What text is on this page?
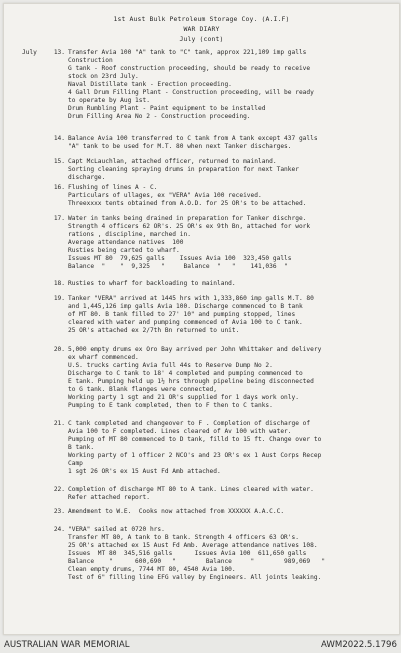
1st Aust Bulk Petroleum Storage Coy. (A.I.F)
WAR DIARY
July (cont)
July	13. Transfer Avia 100 "A" tank to "C" tank, approx 221,109 imp galls
Construction
G tank - Roof construction proceeding, should be ready to receive
stock on 23rd July.
Naval Distillate tank - Erection proceeding.
4 Gall Drum Filling Plant - Construction proceeding, will be ready
to operate by Aug 1st.
Drum Rumbling Plant - Paint equipment to be installed
Drum Filling Area No 2 - Construction proceeding.
14. Balance Avia 100 transferred to C tank from A tank except 437 galls
"A" tank to be used for M.T. 80 when next Tanker discharges.
15. Capt McLauchlan, attached officer, returned to mainland.
Sorting cleaning spraying drums in preparation for next Tanker
discharge.
16. Flushing of lines A - C.
Particulars of ullages, ex "VERA" Avia 100 received.
Threexxxx tents obtained from A.O.D. for 25 OR's to be attached.
17. Water in tanks being drained in preparation for Tanker dischrge.
Strength 4 officers 62 OR's. 25 OR's ex 9th Bn, attached for work
rations , discipline, marched in.
Average attendance natives  100
Rusties being carted to wharf.
Issues MT 80  79,625 galls    Issues Avia 100  323,450 galls
Balance  "    "  9,325   "     Balance  "   "    141,036  "
18. Rusties to wharf for backloading to mainland.
19. Tanker "VERA" arrived at 1445 hrs with 1,333,860 imp galls M.T. 80
and 1,445,126 imp galls Avia 100. Discharge commenced to B tank
of MT 80. B tank filled to 27' 10" and pumping stopped, lines
cleared with water and pumping commenced of Avia 100 to C tank.
25 OR's attached ex 2/7th Bn returned to unit.
20. 5,000 empty drums ex Oro Bay arrived per John Whittaker and delivery
ex wharf commenced.
U.S. trucks carting Avia full 44s to Reserve Dump No 2.
Discharge to C tank to 18' 4 completed and pumping commenced to
E tank. Pumping held up 1½ hrs through pipeline being disconnected
to G tank. Blank flanges were connected,
Working party 1 sgt and 21 OR's supplied for 1 days work only.
Pumping to E tank completed, then to F then to C tanks.
21. C tank completed and changeover to F . Completion of discharge of
Avia 100 to F completed. Lines cleared of Av 100 with water.
Pumping of MT 80 commenced to D tank, filld to 15 ft. Change over to
B tank.
Working party of 1 officer 2 NCO's and 23 OR's ex 1 Aust Corps Recep
Camp
1 sgt 26 OR's ex 15 Aust Fd Amb attached.
22. Completion of discharge MT 80 to A tank. Lines cleared with water.
Refer attached report.
23. Amendment to W.E.  Cooks now attached from XXXXXX A.A.C.C.
24. "VERA" sailed at 0720 hrs.
Transfer MT 80, A tank to B tank. Strength 4 officers 63 OR's.
25 OR's attached ex 15 Aust Fd Amb. Average attendance natives 108.
Issues  MT 80  345,516 galls      Issues Avia 100  611,650 galls
Balance    "      600,690   "        Balance     "        989,069   "
Clean empty drums, 7744 MT 80, 4540 Avia 100.
Test of 6" filling line EFG valley by Engineers. All joints leaking.
AUSTRALIAN WAR MEMORIAL	AWM2022.5.1796
